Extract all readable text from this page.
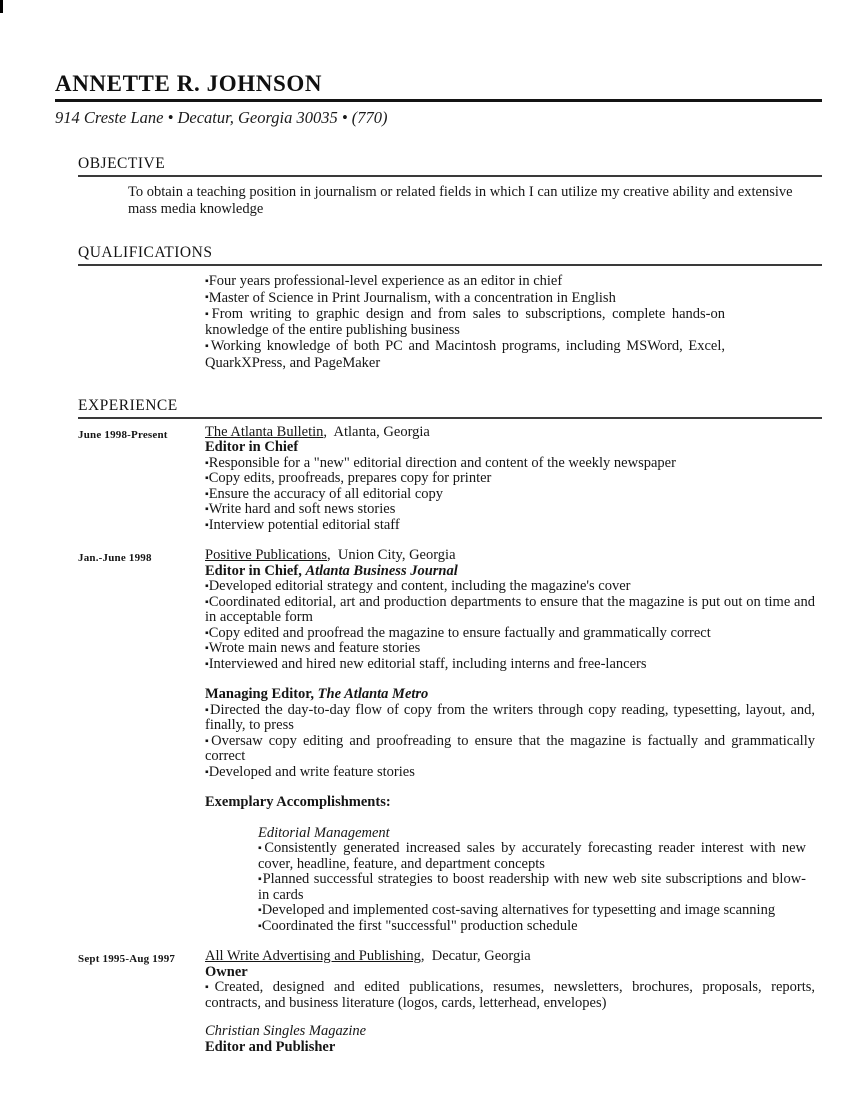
ANNETTE R. JOHNSON
914 Creste Lane • Decatur, Georgia 30035 • (770)
OBJECTIVE

To obtain a teaching position in journalism or related fields in which I can utilize my creative ability and extensive mass media knowledge

QUALIFICATIONS
▪ Four years professional-level experience as an editor in chief
▪ Master of Science in Print Journalism, with a concentration in English
▪ From writing to graphic design and from sales to subscriptions, complete hands-on knowledge of the entire publishing business
▪ Working knowledge of both PC and Macintosh programs, including MSWord, Excel, QuarkXPress, and PageMaker
EXPERIENCE
June 1998-Present	The Atlanta Bulletin,  Atlanta, Georgia
Editor in Chief
▪ Responsible for a "new" editorial direction and content of the weekly newspaper
▪ Copy edits, proofreads, prepares copy for printer
▪ Ensure the accuracy of all editorial copy
▪ Write hard and soft news stories
▪ Interview potential editorial staff
Jan.-June 1998	Positive Publications,  Union City, Georgia
Editor in Chief, Atlanta Business Journal
▪ Developed editorial strategy and content, including the magazine's cover
▪ Coordinated editorial, art and production departments to ensure that the magazine is put out on time and in acceptable form
▪ Copy edited and proofread the magazine to ensure factually and grammatically correct
▪ Wrote main news and feature stories
▪ Interviewed and hired new editorial staff, including interns and free-lancers
Managing Editor, The Atlanta Metro
▪ Directed the day-to-day flow of copy from the writers through copy reading, typesetting, layout, and, finally, to press
▪ Oversaw copy editing and proofreading to ensure that the magazine is factually and grammatically correct
▪ Developed and write feature stories
Exemplary Accomplishments:
Editorial Management
▪ Consistently generated increased sales by accurately forecasting reader interest with new cover, headline, feature, and department concepts
▪ Planned successful strategies to boost readership with new web site subscriptions and blow-in cards
▪ Developed and implemented cost-saving alternatives for typesetting and image scanning
▪ Coordinated the first "successful" production schedule
Sept 1995-Aug 1997	All Write Advertising and Publishing,  Decatur, Georgia
Owner
▪ Created, designed and edited publications, resumes, newsletters, brochures, proposals, reports, contracts, and business literature (logos, cards, letterhead, envelopes)
Christian Singles Magazine
Editor and Publisher
